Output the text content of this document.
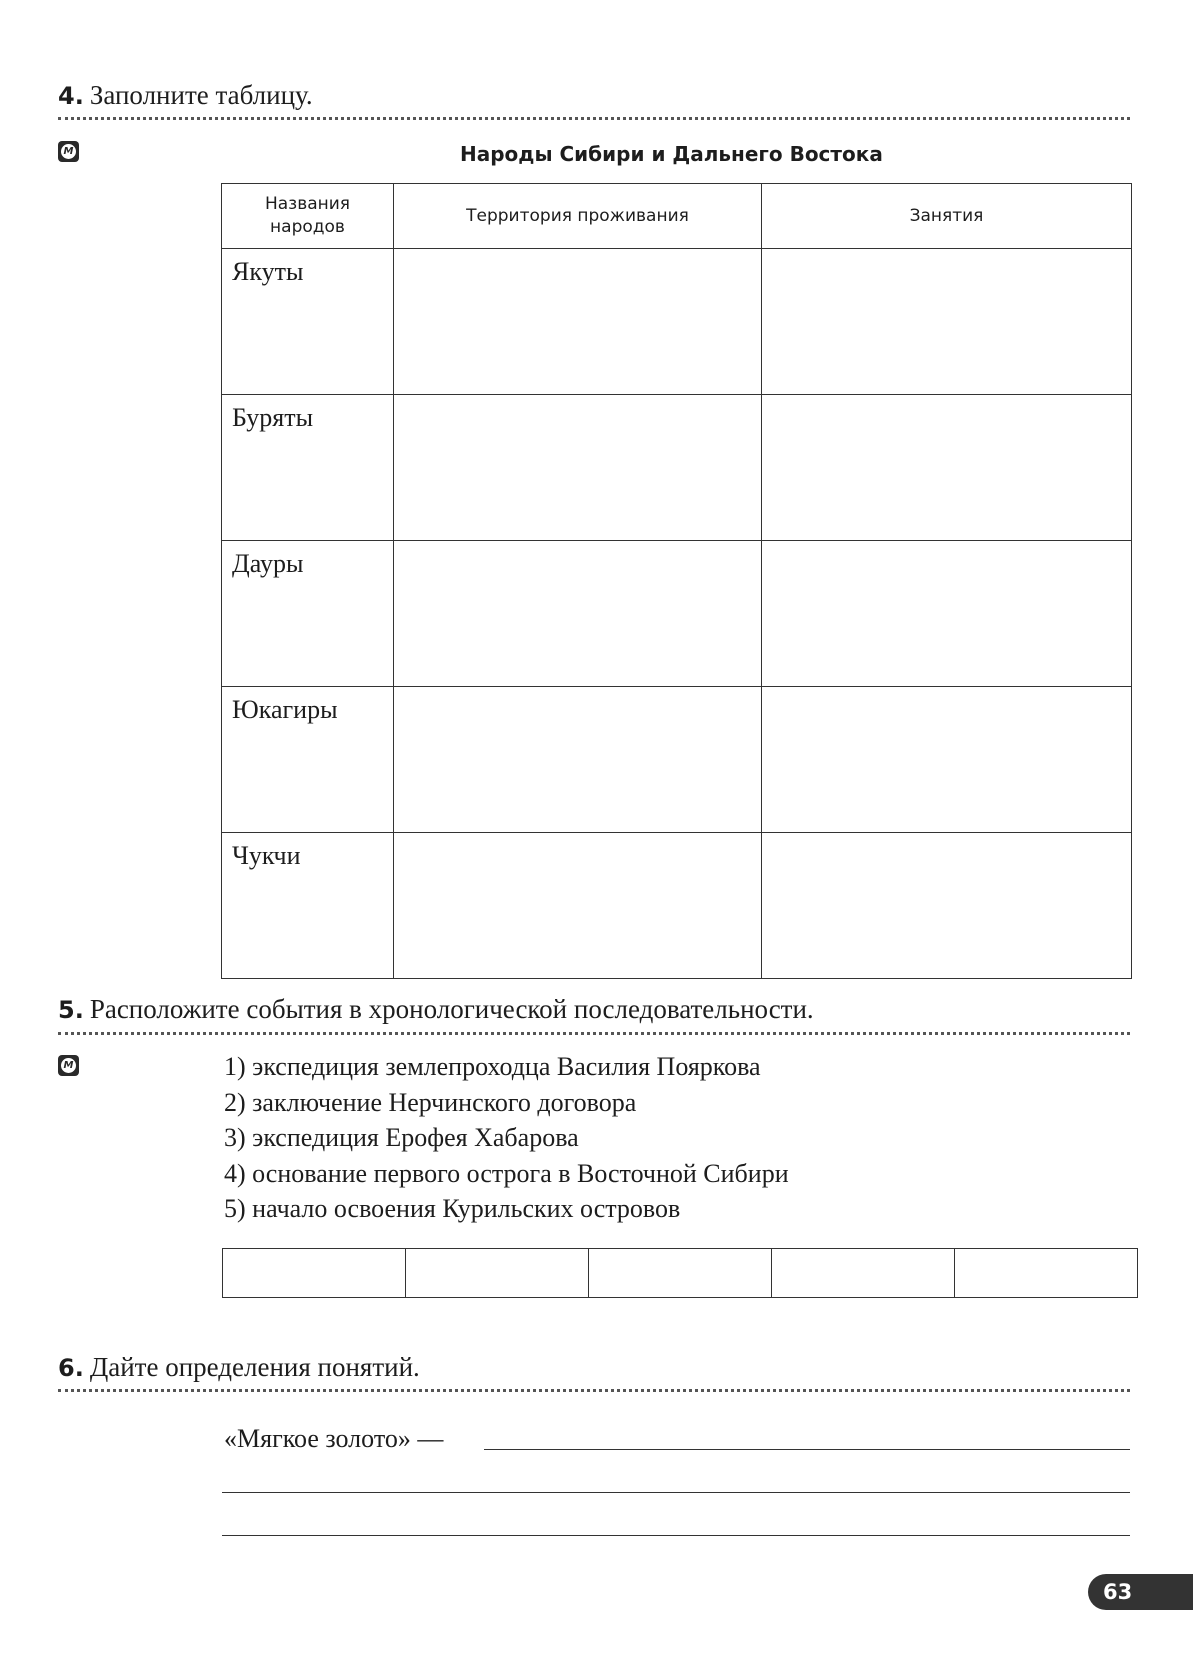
4. Заполните таблицу.
M	Народы Сибири и Дальнего Востока
Названия народов	Территория проживания	Занятия
Якуты		
Буряты		
Дауры		
Юкагиры		
Чукчи		
5. Расположите события в хронологической последовательности.
M	1) экспедиция землепроходца Василия Пояркова
2) заключение Нерчинского договора
3) экспедиция Ерофея Хабарова
4) основание первого острога в Восточной Сибири
5) начало освоения Курильских островов

6. Дайте определения понятий.
«Мягкое золото» —
63
